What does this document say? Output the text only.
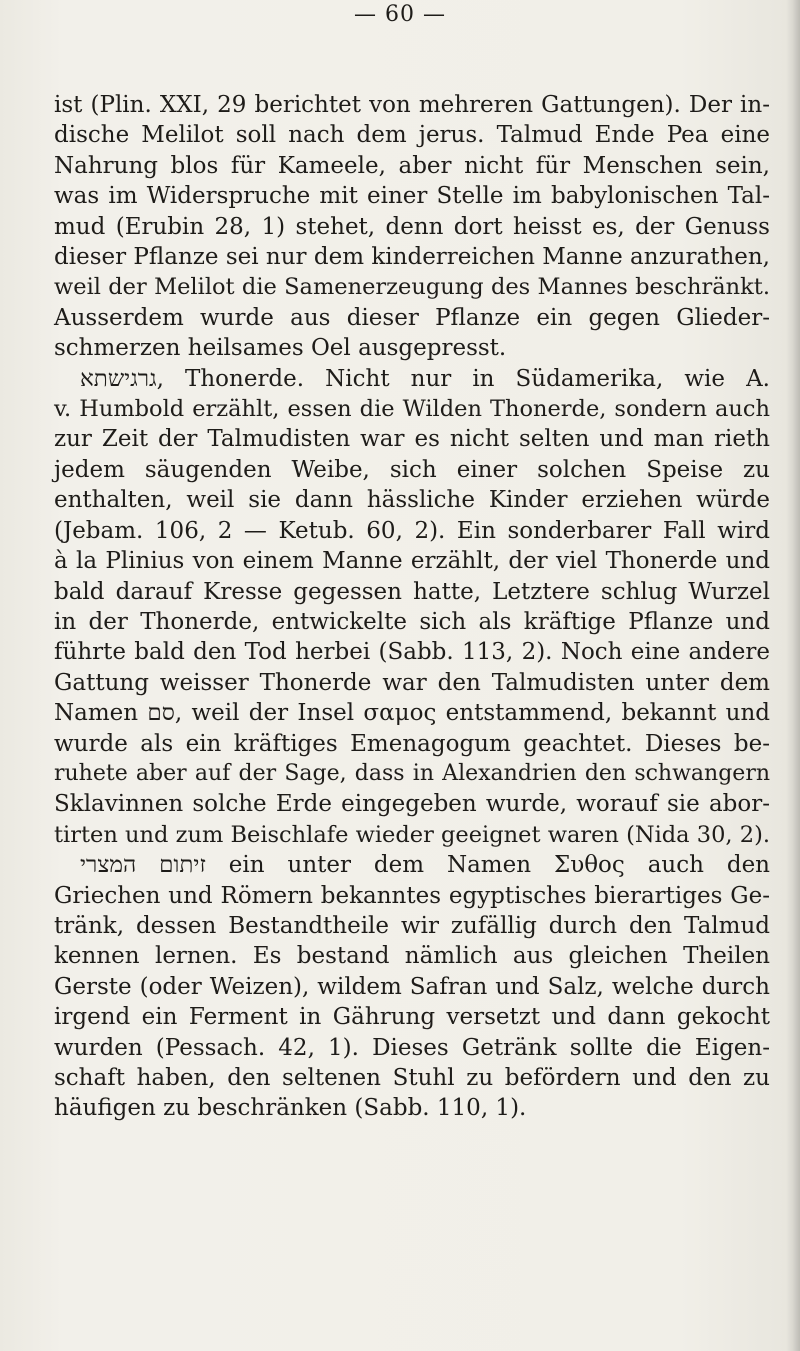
— 60 —
ist (Plin. XXI, 29 berichtet von mehreren Gattungen). Der in-
dische Melilot soll nach dem jerus. Talmud Ende Pea eine
Nahrung blos für Kameele, aber nicht für Menschen sein,
was im Widerspruche mit einer Stelle im babylonischen Tal-
mud (Erubin 28, 1) stehet, denn dort heisst es, der Genuss
dieser Pflanze sei nur dem kinderreichen Manne anzurathen,
weil der Melilot die Samenerzeugung des Mannes beschränkt.
Ausserdem wurde aus dieser Pflanze ein gegen Glieder-
schmerzen heilsames Oel ausgepresst.
גרגישתא, Thonerde. Nicht nur in Südamerika, wie A.
v. Humbold erzählt, essen die Wilden Thonerde, sondern auch
zur Zeit der Talmudisten war es nicht selten und man rieth
jedem säugenden Weibe, sich einer solchen Speise zu
enthalten, weil sie dann hässliche Kinder erziehen würde
(Jebam. 106, 2 — Ketub. 60, 2). Ein sonderbarer Fall wird
à la Plinius von einem Manne erzählt, der viel Thonerde und
bald darauf Kresse gegessen hatte, Letztere schlug Wurzel
in der Thonerde, entwickelte sich als kräftige Pflanze und
führte bald den Tod herbei (Sabb. 113, 2). Noch eine andere
Gattung weisser Thonerde war den Talmudisten unter dem
Namen סם, weil der Insel σαμος entstammend, bekannt und
wurde als ein kräftiges Emenagogum geachtet. Dieses be-
ruhete aber auf der Sage, dass in Alexandrien den schwangern
Sklavinnen solche Erde eingegeben wurde, worauf sie abor-
tirten und zum Beischlafe wieder geeignet waren (Nida 30, 2).
זיתום המצרי ein unter dem Namen Συθος auch den
Griechen und Römern bekanntes egyptisches bierartiges Ge-
tränk, dessen Bestandtheile wir zufällig durch den Talmud
kennen lernen. Es bestand nämlich aus gleichen Theilen
Gerste (oder Weizen), wildem Safran und Salz, welche durch
irgend ein Ferment in Gährung versetzt und dann gekocht
wurden (Pessach. 42, 1). Dieses Getränk sollte die Eigen-
schaft haben, den seltenen Stuhl zu befördern und den zu
häufigen zu beschränken (Sabb. 110, 1).
